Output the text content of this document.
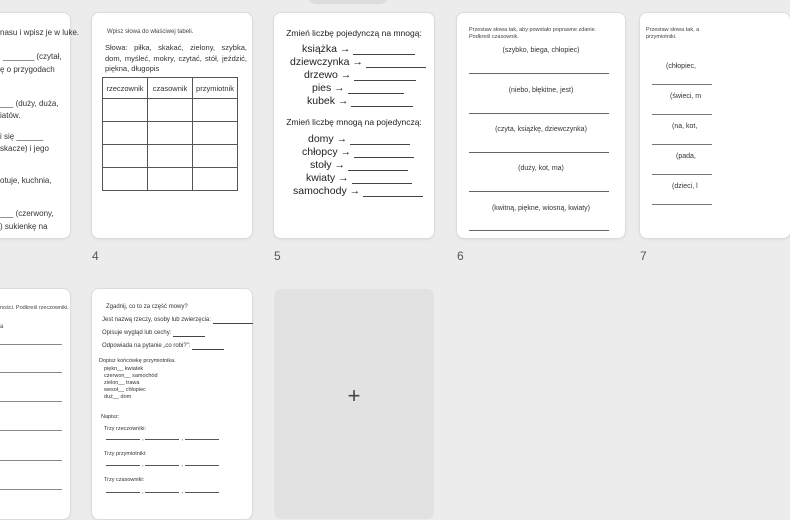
nasu i wpisz je w luke.
_______ (czytał,
ę o przygodach
___ (duży, duża,
iatów.
i się ______
skacze) i jego
otuje, kuchnia,
___ (czerwony,
) sukienkę na
Wpisz słowa do właściwej tabeli.
Słowa: piłka, skakać, zielony, szybka, dom, myśleć, mokry, czytać, stół, jeździć, piękna, długopis
rzeczownik	czasownik	przymiotnik

4
Zmień liczbę pojedynczą na mnogą:
książka →
dziewczynka →
drzewo →
pies →
kubek →
Zmień liczbę mnogą na pojedynczą:
domy →
chłopcy →
stoły →
kwiaty →
samochody →
5
Przestaw słowa tak, aby powstało poprawne zdanie. Podkreśl czasownik.
(szybko, biega, chłopiec)
(niebo, błękitne, jest)
(czyta, książkę, dziewczynka)
(duży, kot, ma)
(kwitną, piękne, wiosną, kwiaty)
6
Przestaw słowa tak, a przymiotniki.
(chłopiec,
(świeci, m
(na, kot,
(pada,
(dzieci, l
7
ności. Podkreśl rzeczowniki.
a
Zgadnij, co to za część mowy?
Jest nazwą rzeczy, osoby lub zwierzęcia:
Opisuje wygląd lub cechy:
Odpowiada na pytanie „co robi?”:
Dopisz końcówkę przymiotnika.
piękn__ kwiatek
czerwon__ samochód
zielon__ trawa
wesoł__ chłopiec
duż__ dom
Napisz:
Trzy rzeczowniki:
,	,
Trzy przymiotniki:
,	,
Trzy czasowniki:
,	,
+
